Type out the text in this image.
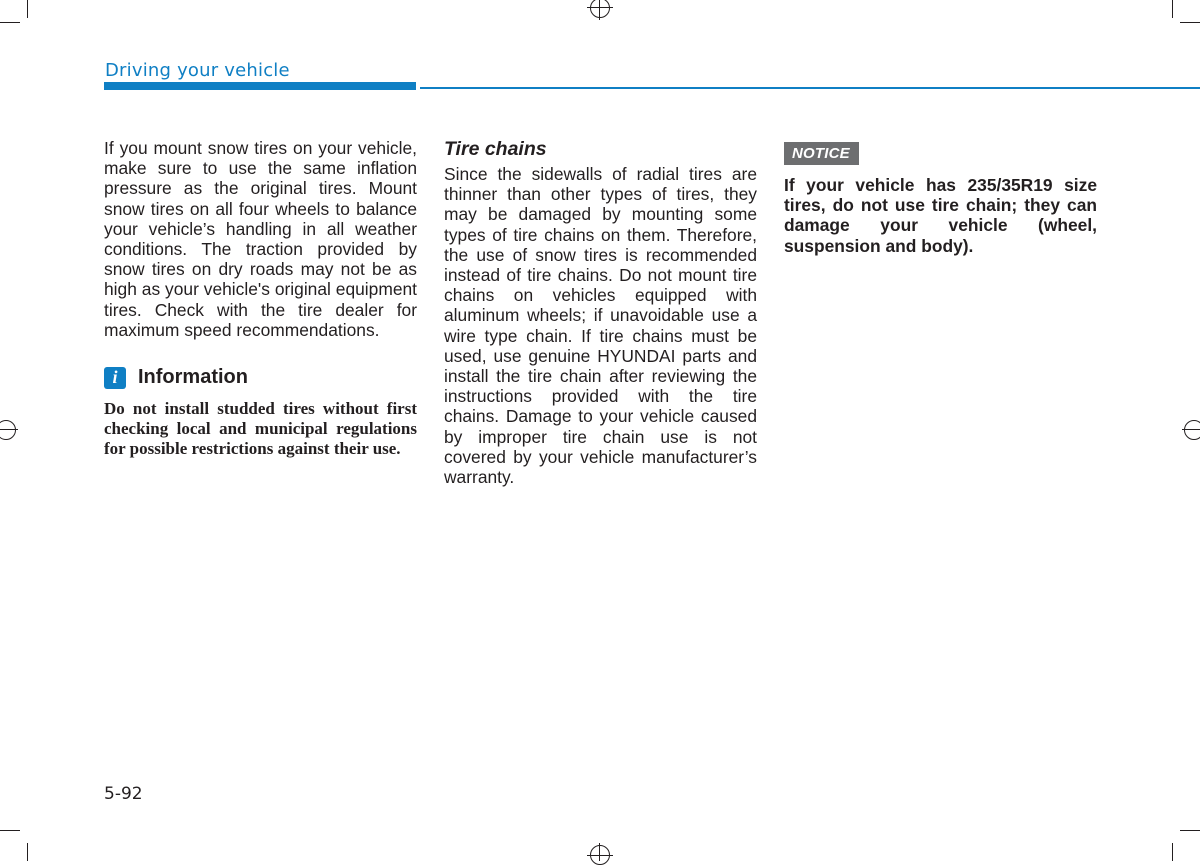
Driving your vehicle

If you mount snow tires on your vehicle, make sure to use the same inflation pressure as the original tires. Mount snow tires on all four wheels to balance your vehicle’s handling in all weather conditions. The traction provided by snow tires on dry roads may not be as high as your vehicle's original equipment tires. Check with the tire dealer for maximum speed recommendations.

i	Information

Do not install studded tires without first checking local and municipal regulations for possible restrictions against their use.

Tire chains

Since the sidewalls of radial tires are thinner than other types of tires, they may be damaged by mounting some types of tire chains on them. Therefore, the use of snow tires is recommended instead of tire chains. Do not mount tire chains on vehicles equipped with aluminum wheels; if unavoidable use a wire type chain. If tire chains must be used, use genuine HYUNDAI parts and install the tire chain after reviewing the instructions provided with the tire chains. Damage to your vehicle caused by improper tire chain use is not covered by your vehicle manufacturer’s warranty.

NOTICE

If your vehicle has 235/35R19 size tires, do not use tire chain; they can damage your vehicle (wheel, suspension and body).

5-92
